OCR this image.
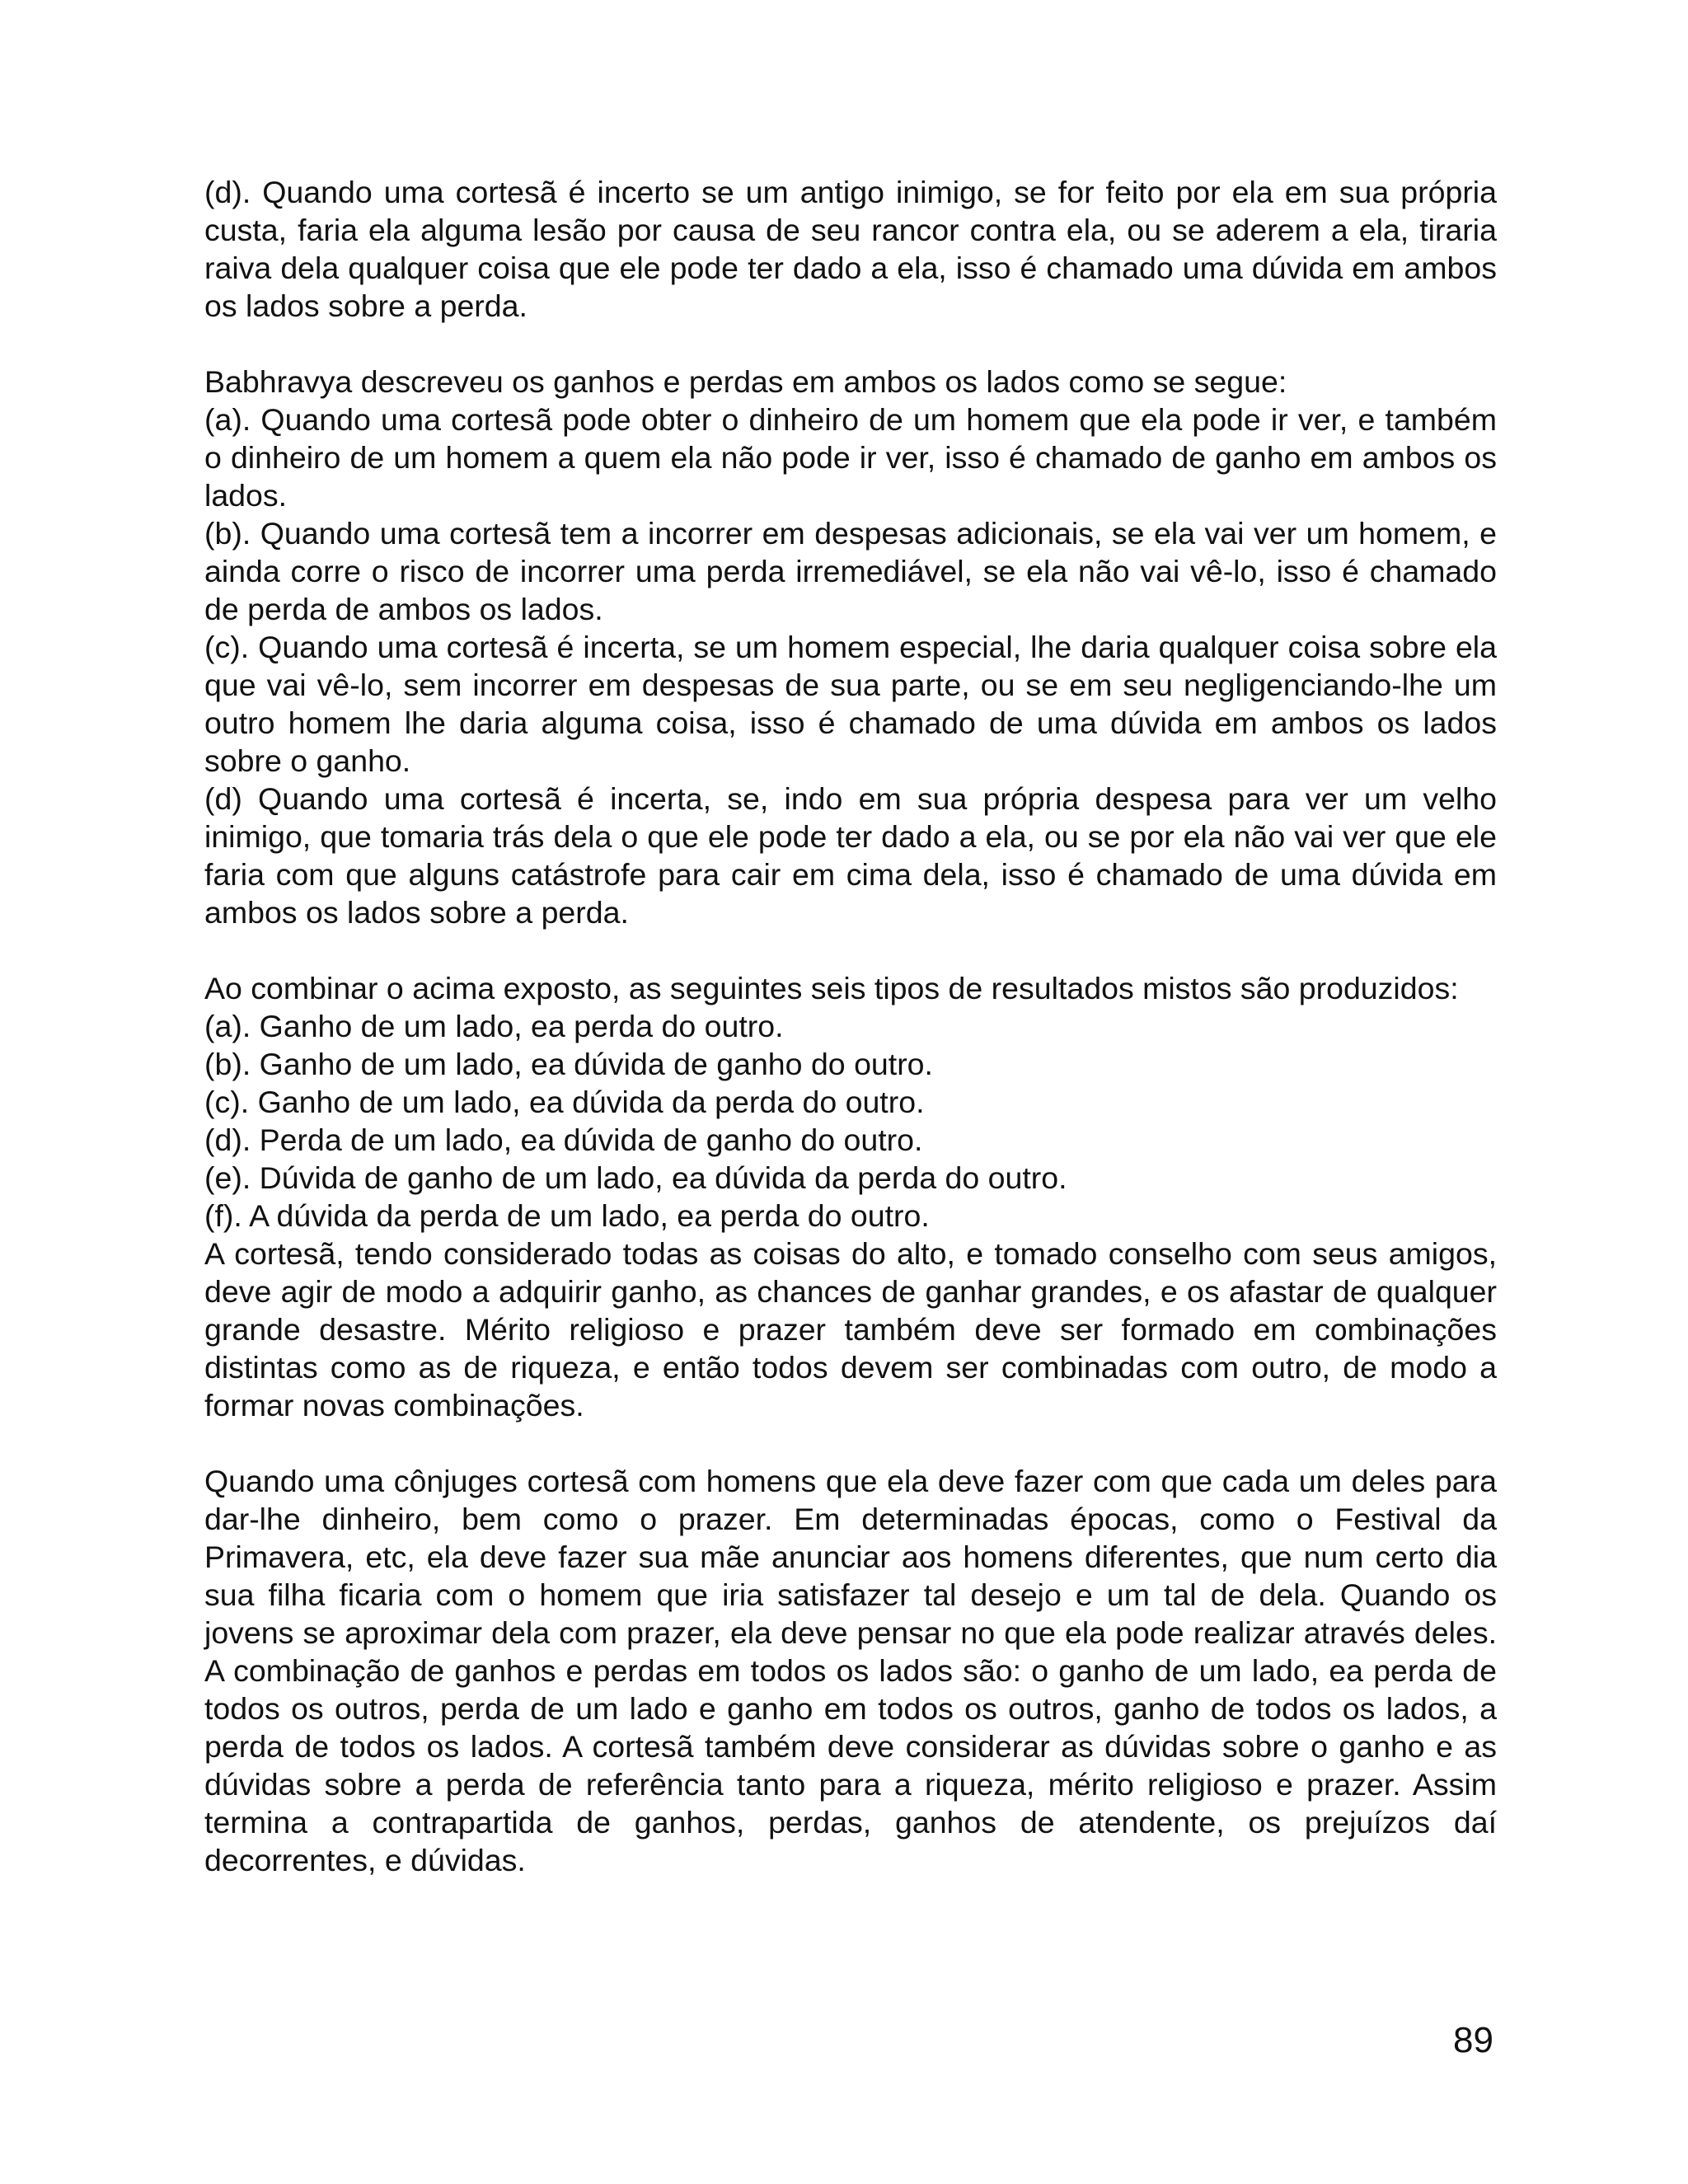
(d). Quando uma cortesã é incerto se um antigo inimigo, se for feito por ela em sua própria custa, faria ela alguma lesão por causa de seu rancor contra ela, ou se aderem a ela, tiraria raiva dela qualquer coisa que ele pode ter dado a ela, isso é chamado uma dúvida em ambos os lados sobre a perda.

Babhravya descreveu os ganhos e perdas em ambos os lados como se segue:

(a). Quando uma cortesã pode obter o dinheiro de um homem que ela pode ir ver, e também o dinheiro de um homem a quem ela não pode ir ver, isso é chamado de ganho em ambos os lados.

(b). Quando uma cortesã tem a incorrer em despesas adicionais, se ela vai ver um homem, e ainda corre o risco de incorrer uma perda irremediável, se ela não vai vê-lo, isso é chamado de perda de ambos os lados.

(c). Quando uma cortesã é incerta, se um homem especial, lhe daria qualquer coisa sobre ela que vai vê-lo, sem incorrer em despesas de sua parte, ou se em seu negligenciando-lhe um outro homem lhe daria alguma coisa, isso é chamado de uma dúvida em ambos os lados sobre o ganho.

(d) Quando uma cortesã é incerta, se, indo em sua própria despesa para ver um velho inimigo, que tomaria trás dela o que ele pode ter dado a ela, ou se por ela não vai ver que ele faria com que alguns catástrofe para cair em cima dela, isso é chamado de uma dúvida em ambos os lados sobre a perda.

Ao combinar o acima exposto, as seguintes seis tipos de resultados mistos são produzidos:

(a). Ganho de um lado, ea perda do outro.

(b). Ganho de um lado, ea dúvida de ganho do outro.

(c). Ganho de um lado, ea dúvida da perda do outro.

(d). Perda de um lado, ea dúvida de ganho do outro.

(e). Dúvida de ganho de um lado, ea dúvida da perda do outro.

(f). A dúvida da perda de um lado, ea perda do outro.

A cortesã, tendo considerado todas as coisas do alto, e tomado conselho com seus amigos, deve agir de modo a adquirir ganho, as chances de ganhar grandes, e os afastar de qualquer grande desastre. Mérito religioso e prazer também deve ser formado em combinações distintas como as de riqueza, e então todos devem ser combinadas com outro, de modo a formar novas combinações.

Quando uma cônjuges cortesã com homens que ela deve fazer com que cada um deles para dar-lhe dinheiro, bem como o prazer. Em determinadas épocas, como o Festival da Primavera, etc, ela deve fazer sua mãe anunciar aos homens diferentes, que num certo dia sua filha ficaria com o homem que iria satisfazer tal desejo e um tal de dela. Quando os jovens se aproximar dela com prazer, ela deve pensar no que ela pode realizar através deles. A combinação de ganhos e perdas em todos os lados são: o ganho de um lado, ea perda de todos os outros, perda de um lado e ganho em todos os outros, ganho de todos os lados, a perda de todos os lados. A cortesã também deve considerar as dúvidas sobre o ganho e as dúvidas sobre a perda de referência tanto para a riqueza, mérito religioso e prazer. Assim termina a contrapartida de ganhos, perdas, ganhos de atendente, os prejuízos daí decorrentes, e dúvidas.

89
